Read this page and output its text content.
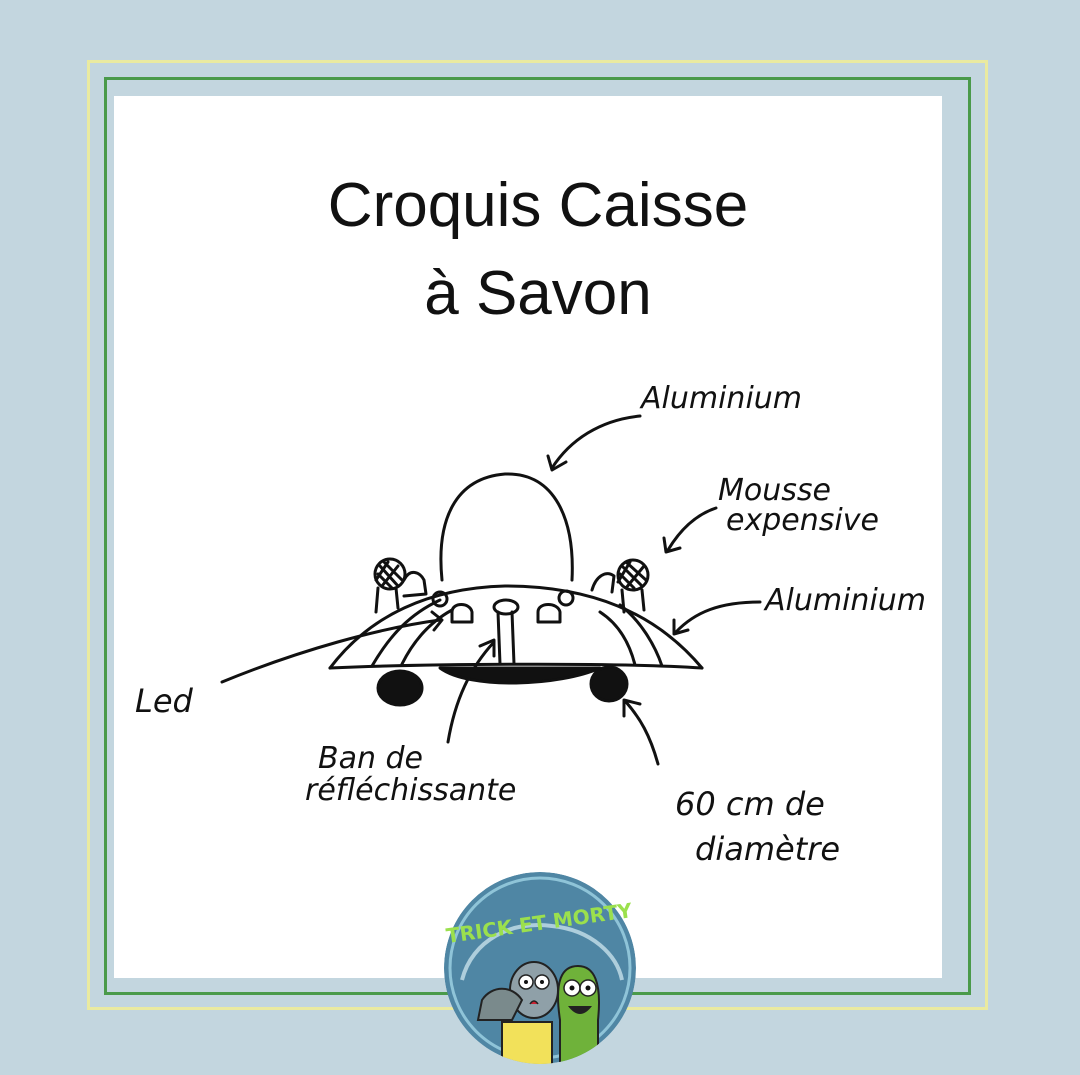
Croquis Caisse
à Savon
Aluminium
Mousse
expensive
Aluminium
Led
Ban de
réfléchissante	60 cm de
diamètre
TRICK ET MORTY
